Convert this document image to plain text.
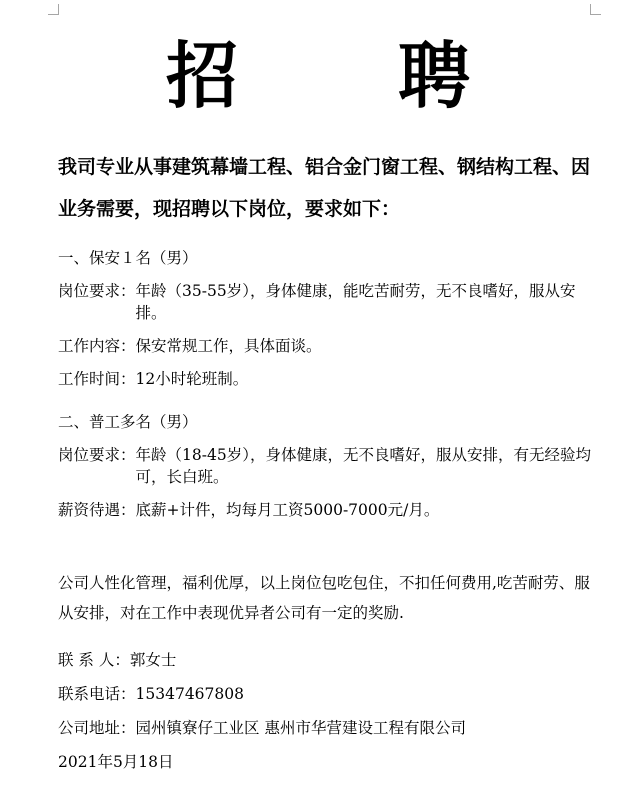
招 聘
我司专业从事建筑幕墙工程、铝合金门窗工程、钢结构工程、因业务需要，现招聘以下岗位，要求如下：
一、保安１名（男）
岗位要求： 年龄（35-55岁），身体健康，能吃苦耐劳，无不良嗜好，服从安排。
工作内容： 保安常规工作，具体面谈。
工作时间： 12小时轮班制。
二、普工多名（男）
岗位要求： 年龄（18-45岁），身体健康，无不良嗜好，服从安排，有无经验均可，长白班。
薪资待遇： 底薪+计件，均每月工资5000-7000元/月。
公司人性化管理，福利优厚，以上岗位包吃包住，不扣任何费用,吃苦耐劳、服从安排，对在工作中表现优异者公司有一定的奖励.
联 系 人： 郭女士
联系电话： 15347467808
公司地址： 园州镇寮仔工业区 惠州市华营建设工程有限公司
2021年5月18日
